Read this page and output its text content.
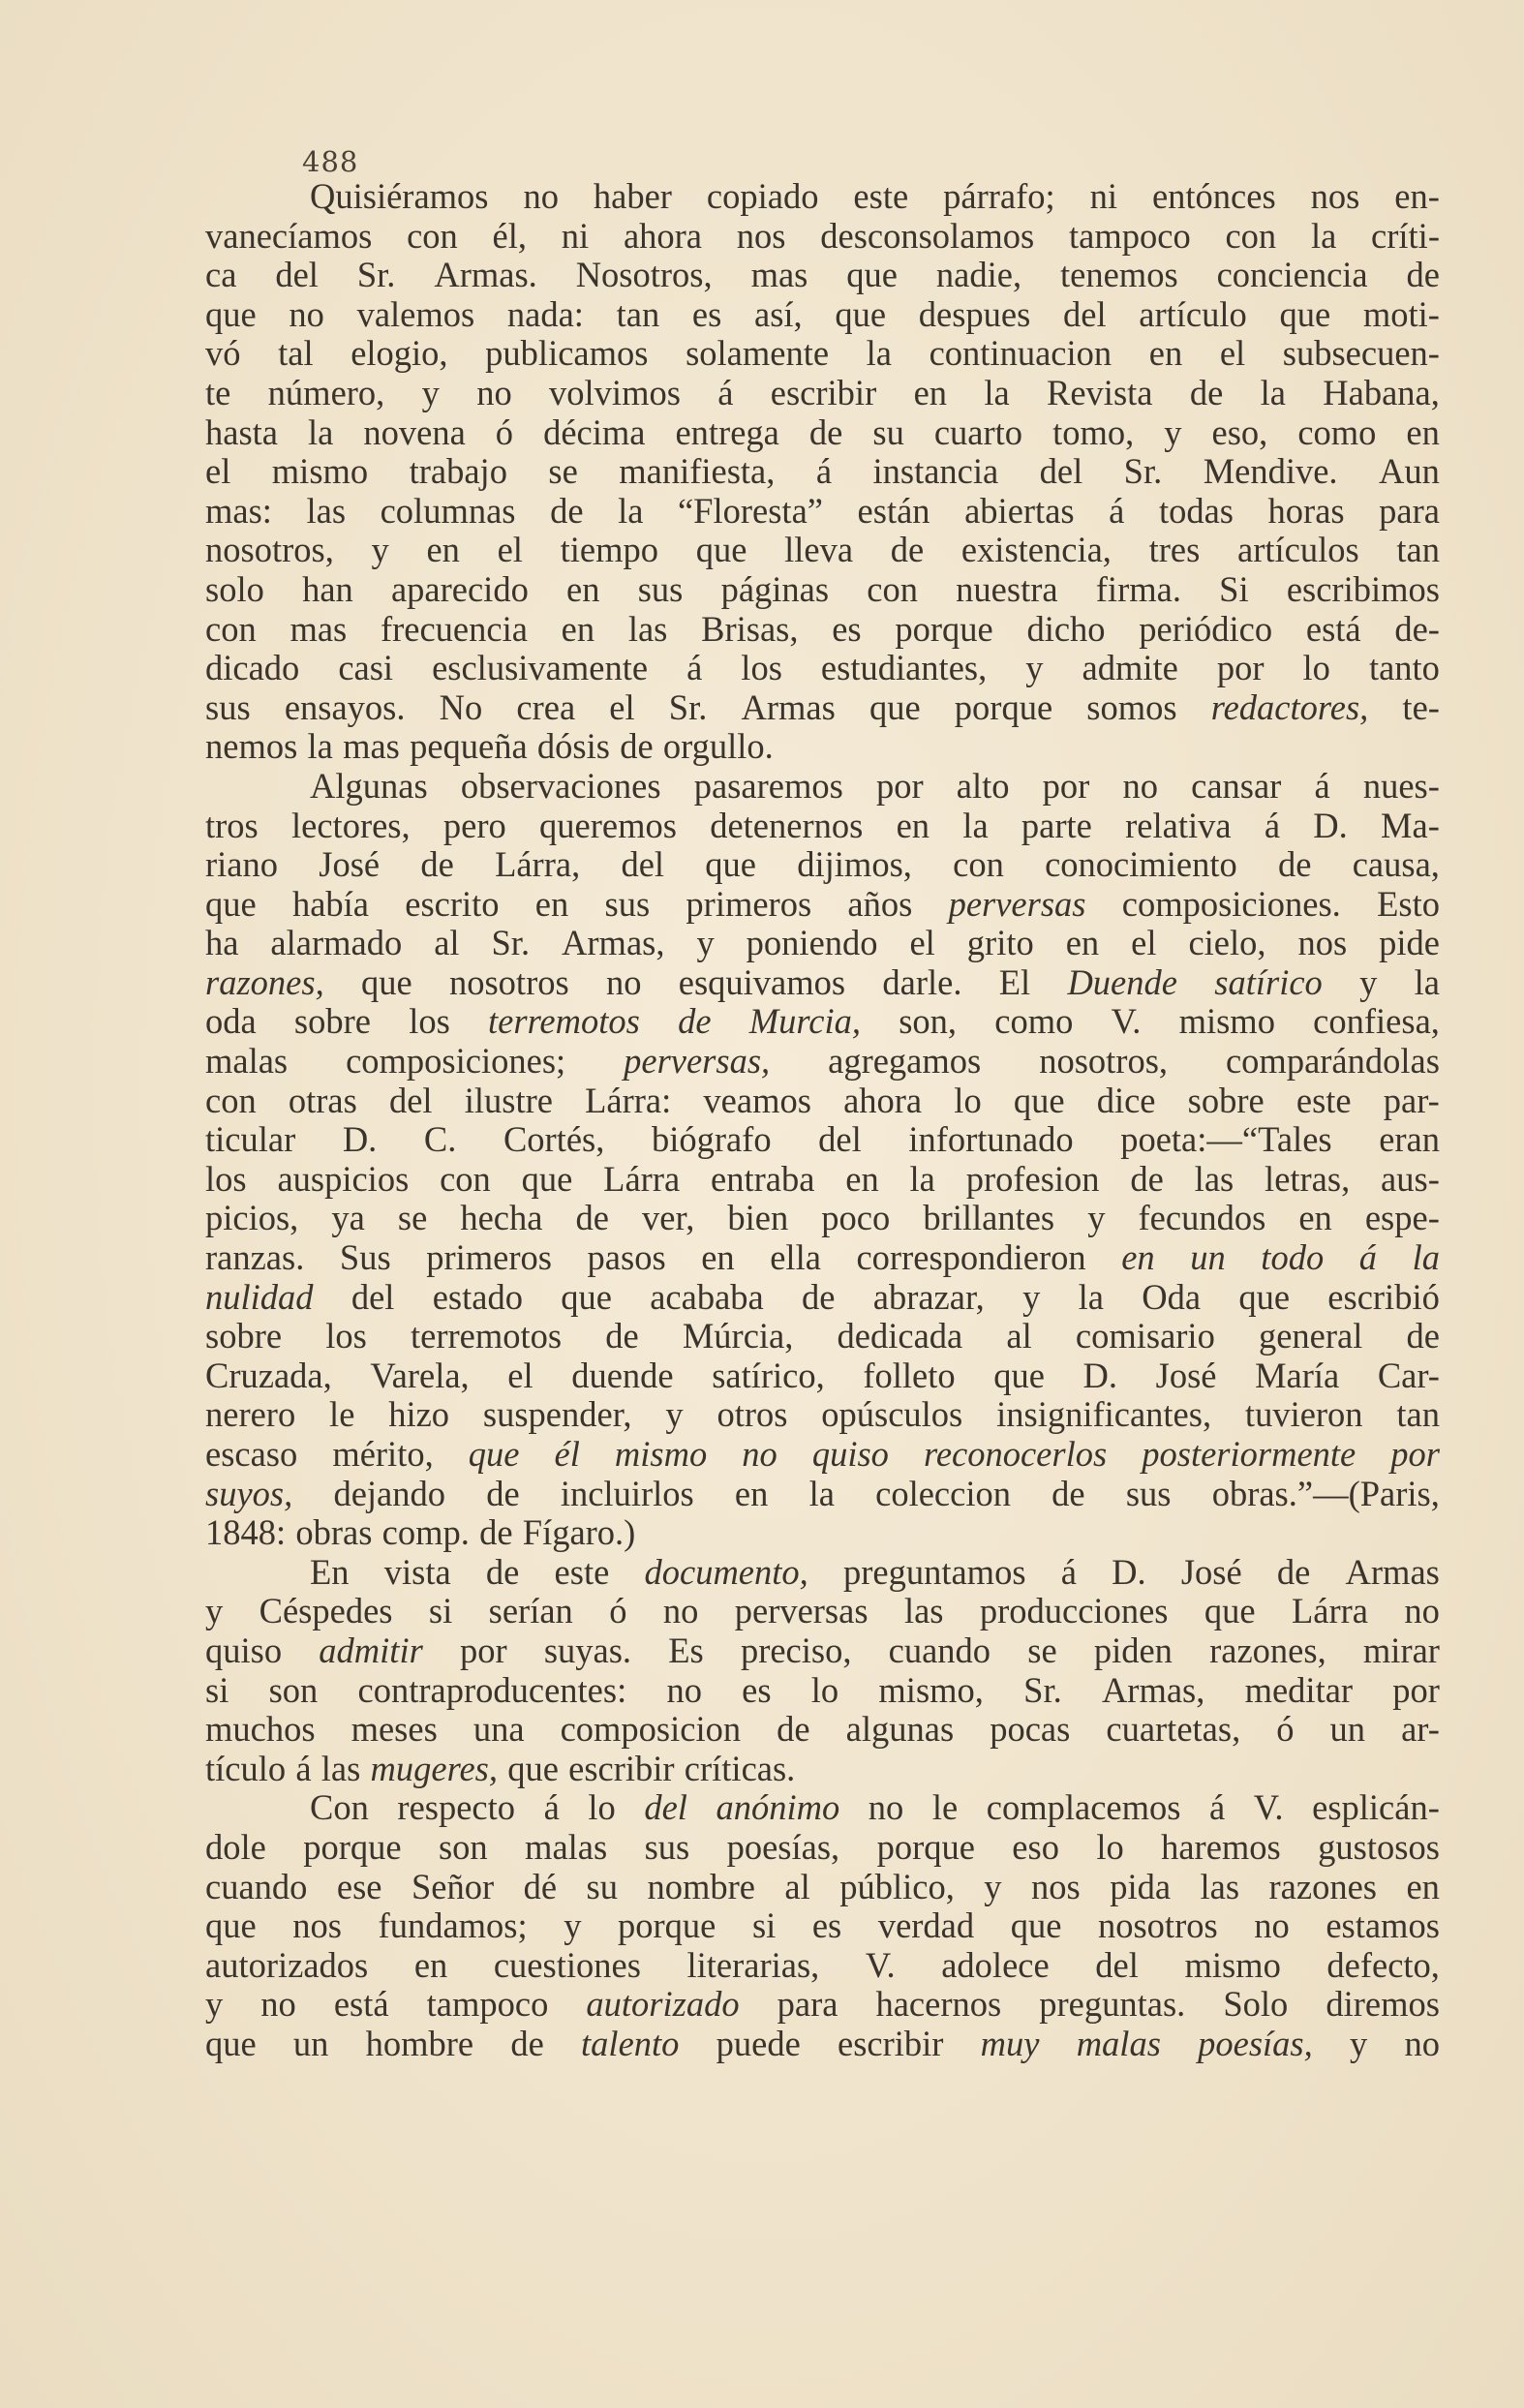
488
Quisiéramos no haber copiado este párrafo; ni entónces nos en-
vanecíamos con él, ni ahora nos desconsolamos tampoco con la críti-
ca del Sr. Armas. Nosotros, mas que nadie, tenemos conciencia de
que no valemos nada: tan es así, que despues del artículo que moti-
vó tal elogio, publicamos solamente la continuacion en el subsecuen-
te número, y no volvimos á escribir en la Revista de la Habana,
hasta la novena ó décima entrega de su cuarto tomo, y eso, como en
el mismo trabajo se manifiesta, á instancia del Sr. Mendive. Aun
mas: las columnas de la “Floresta” están abiertas á todas horas para
nosotros, y en el tiempo que lleva de existencia, tres artículos tan
solo han aparecido en sus páginas con nuestra firma. Si escribimos
con mas frecuencia en las Brisas, es porque dicho periódico está de-
dicado casi esclusivamente á los estudiantes, y admite por lo tanto
sus ensayos. No crea el Sr. Armas que porque somos redactores, te-
nemos la mas pequeña dósis de orgullo.
Algunas observaciones pasaremos por alto por no cansar á nues-
tros lectores, pero queremos detenernos en la parte relativa á D. Ma-
riano José de Lárra, del que dijimos, con conocimiento de causa,
que había escrito en sus primeros años perversas composiciones. Esto
ha alarmado al Sr. Armas, y poniendo el grito en el cielo, nos pide
razones, que nosotros no esquivamos darle. El Duende satírico y la
oda sobre los terremotos de Murcia, son, como V. mismo confiesa,
malas composiciones; perversas, agregamos nosotros, comparándolas
con otras del ilustre Lárra: veamos ahora lo que dice sobre este par-
ticular D. C. Cortés, biógrafo del infortunado poeta:—“Tales eran
los auspicios con que Lárra entraba en la profesion de las letras, aus-
picios, ya se hecha de ver, bien poco brillantes y fecundos en espe-
ranzas. Sus primeros pasos en ella correspondieron en un todo á la
nulidad del estado que acababa de abrazar, y la Oda que escribió
sobre los terremotos de Múrcia, dedicada al comisario general de
Cruzada, Varela, el duende satírico, folleto que D. José María Car-
nerero le hizo suspender, y otros opúsculos insignificantes, tuvieron tan
escaso mérito, que él mismo no quiso reconocerlos posteriormente por
suyos, dejando de incluirlos en la coleccion de sus obras.”—(Paris,
1848: obras comp. de Fígaro.)
En vista de este documento, preguntamos á D. José de Armas
y Céspedes si serían ó no perversas las producciones que Lárra no
quiso admitir por suyas. Es preciso, cuando se piden razones, mirar
si son contraproducentes: no es lo mismo, Sr. Armas, meditar por
muchos meses una composicion de algunas pocas cuartetas, ó un ar-
tículo á las mugeres, que escribir críticas.
Con respecto á lo del anónimo no le complacemos á V. esplicán-
dole porque son malas sus poesías, porque eso lo haremos gustosos
cuando ese Señor dé su nombre al público, y nos pida las razones en
que nos fundamos; y porque si es verdad que nosotros no estamos
autorizados en cuestiones literarias, V. adolece del mismo defecto,
y no está tampoco autorizado para hacernos preguntas. Solo diremos
que un hombre de talento puede escribir muy malas poesías, y no
